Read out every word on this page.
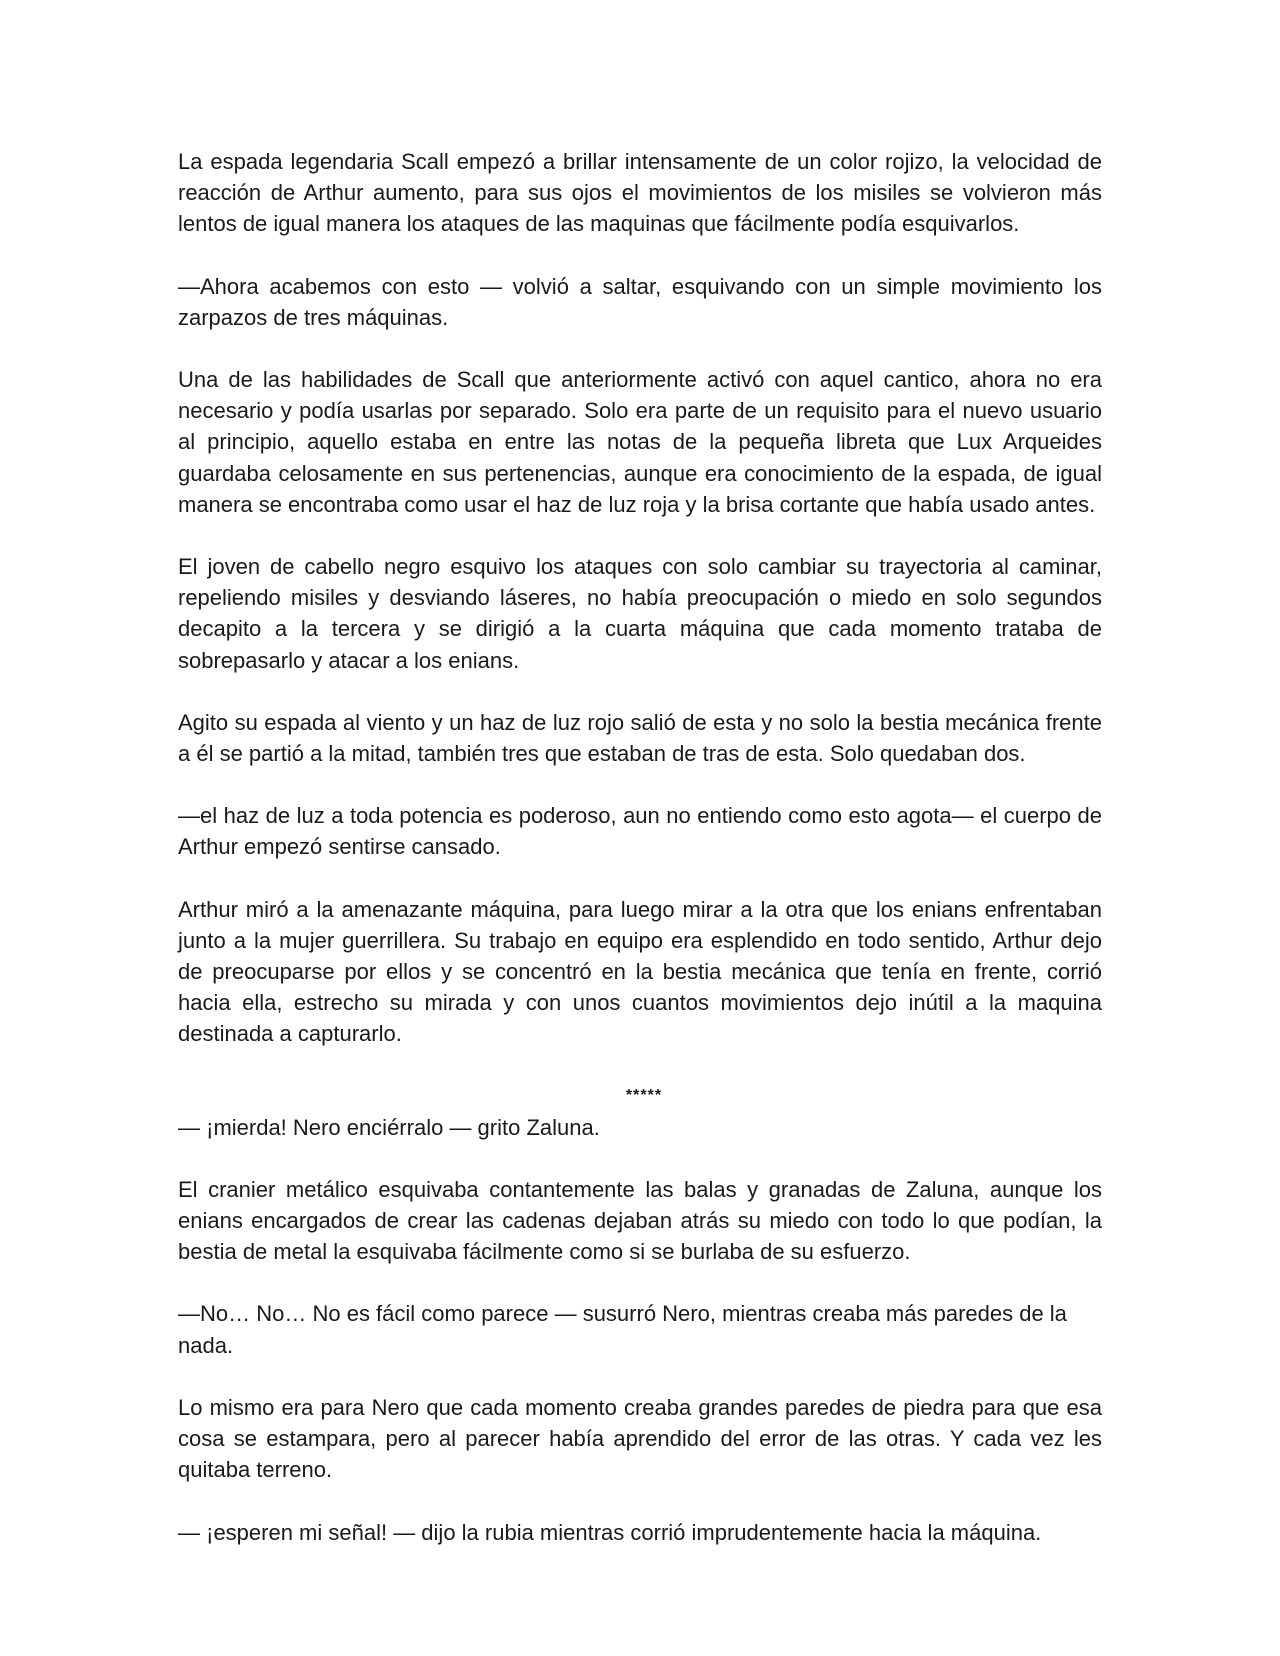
La espada legendaria Scall empezó a brillar intensamente de un color rojizo, la velocidad de reacción de Arthur aumento, para sus ojos el movimientos de los misiles se volvieron más lentos de igual manera los ataques de las maquinas que fácilmente podía esquivarlos.

—Ahora acabemos con esto — volvió a saltar, esquivando con un simple movimiento los zarpazos de tres máquinas.

Una de las habilidades de Scall que anteriormente activó con aquel cantico, ahora no era necesario y podía usarlas por separado. Solo era parte de un requisito para el nuevo usuario al principio, aquello estaba en entre las notas de la pequeña libreta que Lux Arqueides guardaba celosamente en sus pertenencias, aunque era conocimiento de la espada, de igual manera se encontraba como usar el haz de luz roja y la brisa cortante que había usado antes.

El joven de cabello negro esquivo los ataques con solo cambiar su trayectoria al caminar, repeliendo misiles y desviando láseres, no había preocupación o miedo en solo segundos decapito a la tercera y se dirigió a la cuarta máquina que cada momento trataba de sobrepasarlo y atacar a los enians.

Agito su espada al viento y un haz de luz rojo salió de esta y no solo la bestia mecánica frente a él se partió a la mitad, también tres que estaban de tras de esta. Solo quedaban dos.

—el haz de luz a toda potencia es poderoso, aun no entiendo como esto agota— el cuerpo de Arthur empezó sentirse cansado.

Arthur miró a la amenazante máquina, para luego mirar a la otra que los enians enfrentaban junto a la mujer guerrillera. Su trabajo en equipo era esplendido en todo sentido, Arthur dejo de preocuparse por ellos y se concentró en la bestia mecánica que tenía en frente, corrió hacia ella, estrecho su mirada y con unos cuantos movimientos dejo inútil a la maquina destinada a capturarlo.

*****

— ¡mierda! Nero enciérralo — grito Zaluna.

El cranier metálico esquivaba contantemente las balas y granadas de Zaluna, aunque los enians encargados de crear las cadenas dejaban atrás su miedo con todo lo que podían, la bestia de metal la esquivaba fácilmente como si se burlaba de su esfuerzo.

—No… No… No es fácil como parece — susurró Nero, mientras creaba más paredes de la nada.

Lo mismo era para Nero que cada momento creaba grandes paredes de piedra para que esa cosa se estampara, pero al parecer había aprendido del error de las otras. Y cada vez les quitaba terreno.

— ¡esperen mi señal! — dijo la rubia mientras corrió imprudentemente hacia la máquina.
